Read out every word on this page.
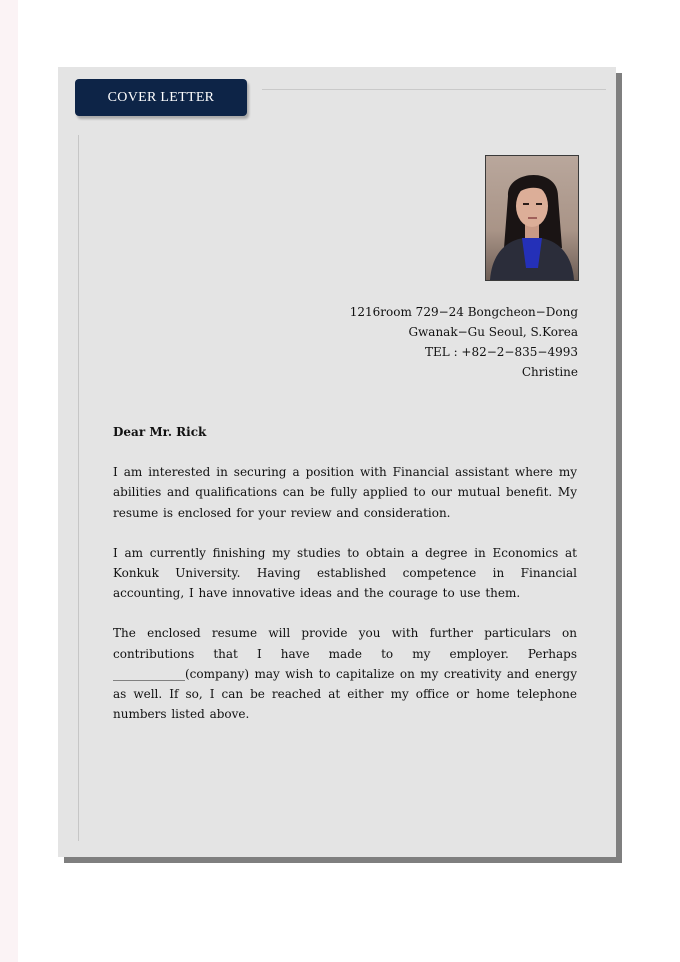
COVER LETTER
1216room 729−24 Bongcheon−Dong
Gwanak−Gu Seoul, S.Korea
TEL : +82−2−835−4993
Christine
Dear Mr. Rick
I am interested in securing a position with Financial assistant where my abilities and qualifications can be fully applied to our mutual benefit. My resume is enclosed for your review and consideration.
I am currently finishing my studies to obtain a degree in Economics at Konkuk University. Having established competence in Financial accounting, I have innovative ideas and the courage to use them.
The enclosed resume will provide you with further particulars on contributions that I have made to my employer. Perhaps ____________(company) may wish to capitalize on my creativity and energy as well. If so, I can be reached at either my office or home telephone numbers listed above.
